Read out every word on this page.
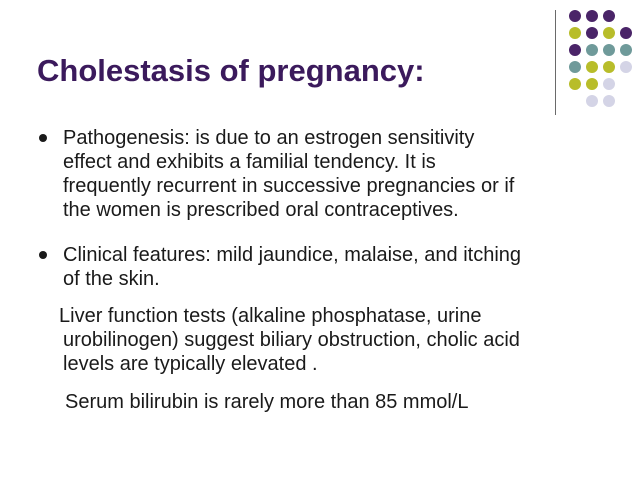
Cholestasis of pregnancy:
Pathogenesis: is due to an estrogen sensitivity
effect and exhibits a familial tendency. It is
frequently recurrent in successive pregnancies or if
the women is prescribed oral contraceptives.
Clinical features: mild jaundice, malaise, and itching
of the skin.
Liver function tests (alkaline phosphatase, urine
urobilinogen) suggest biliary obstruction, cholic acid
levels are typically elevated .
Serum bilirubin is rarely more than 85 mmol/L
